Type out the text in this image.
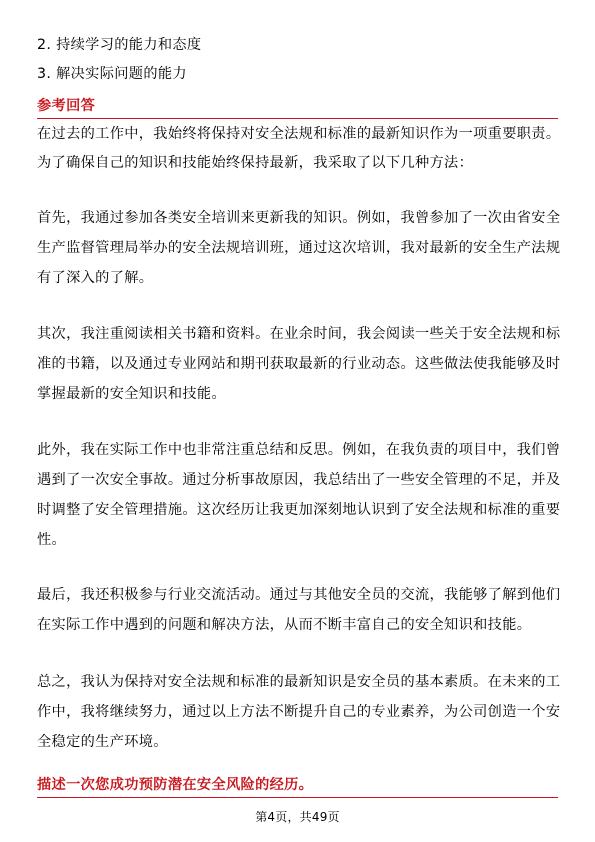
2. 持续学习的能力和态度
3. 解决实际问题的能力
参考回答
在过去的工作中，我始终将保持对安全法规和标准的最新知识作为一项重要职责。
为了确保自己的知识和技能始终保持最新，我采取了以下几种方法：
首先，我通过参加各类安全培训来更新我的知识。例如，我曾参加了一次由省安全
生产监督管理局举办的安全法规培训班，通过这次培训，我对最新的安全生产法规
有了深入的了解。
其次，我注重阅读相关书籍和资料。在业余时间，我会阅读一些关于安全法规和标
准的书籍，以及通过专业网站和期刊获取最新的行业动态。这些做法使我能够及时
掌握最新的安全知识和技能。
此外，我在实际工作中也非常注重总结和反思。例如，在我负责的项目中，我们曾
遇到了一次安全事故。通过分析事故原因，我总结出了一些安全管理的不足，并及
时调整了安全管理措施。这次经历让我更加深刻地认识到了安全法规和标准的重要
性。
最后，我还积极参与行业交流活动。通过与其他安全员的交流，我能够了解到他们
在实际工作中遇到的问题和解决方法，从而不断丰富自己的安全知识和技能。
总之，我认为保持对安全法规和标准的最新知识是安全员的基本素质。在未来的工
作中，我将继续努力，通过以上方法不断提升自己的专业素养，为公司创造一个安
全稳定的生产环境。
描述一次您成功预防潜在安全风险的经历。
第4页，共49页
